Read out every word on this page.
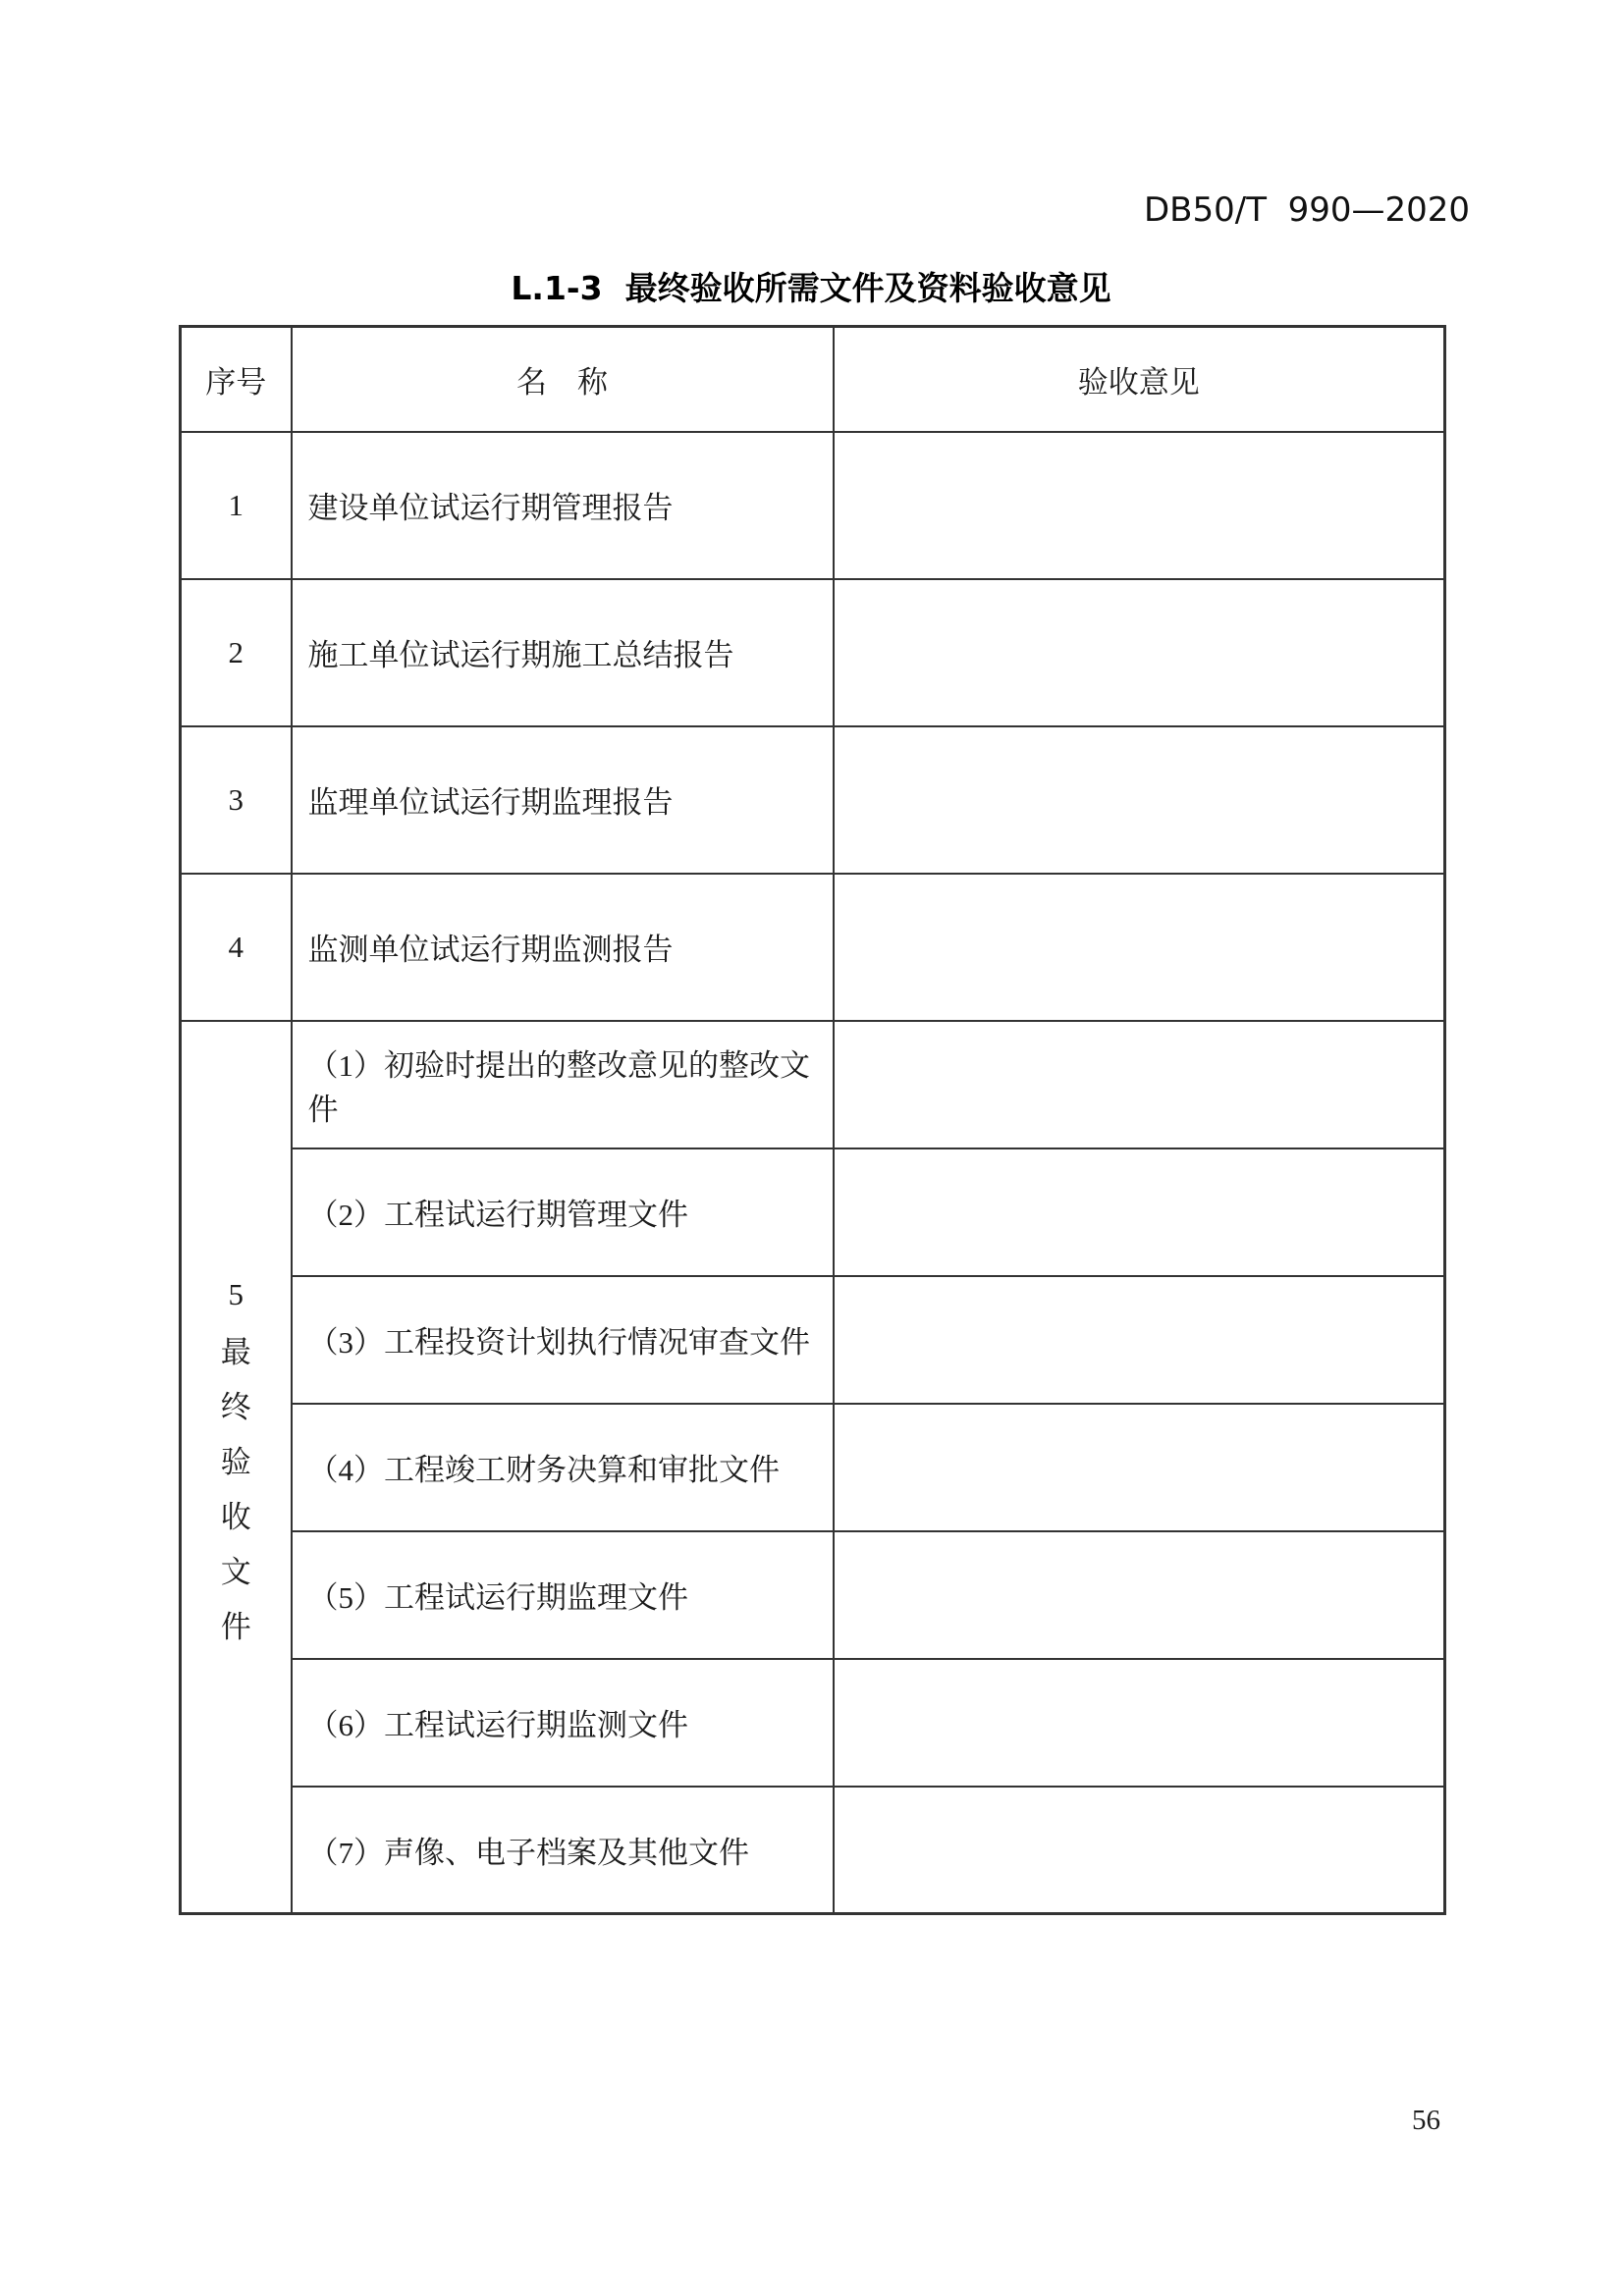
DB50/T  990—2020
L.1-3  最终验收所需文件及资料验收意见
序号	名　称	验收意见
1	建设单位试运行期管理报告	
2	施工单位试运行期施工总结报告	
3	监理单位试运行期监理报告	
4	监测单位试运行期监测报告	

5
最终验收文件	（1）初验时提出的整改意见的整改文件	
	（2）工程试运行期管理文件	
	（3）工程投资计划执行情况审查文件	
	（4）工程竣工财务决算和审批文件	
	（5）工程试运行期监理文件	
	（6）工程试运行期监测文件	
	（7）声像、电子档案及其他文件	
56
